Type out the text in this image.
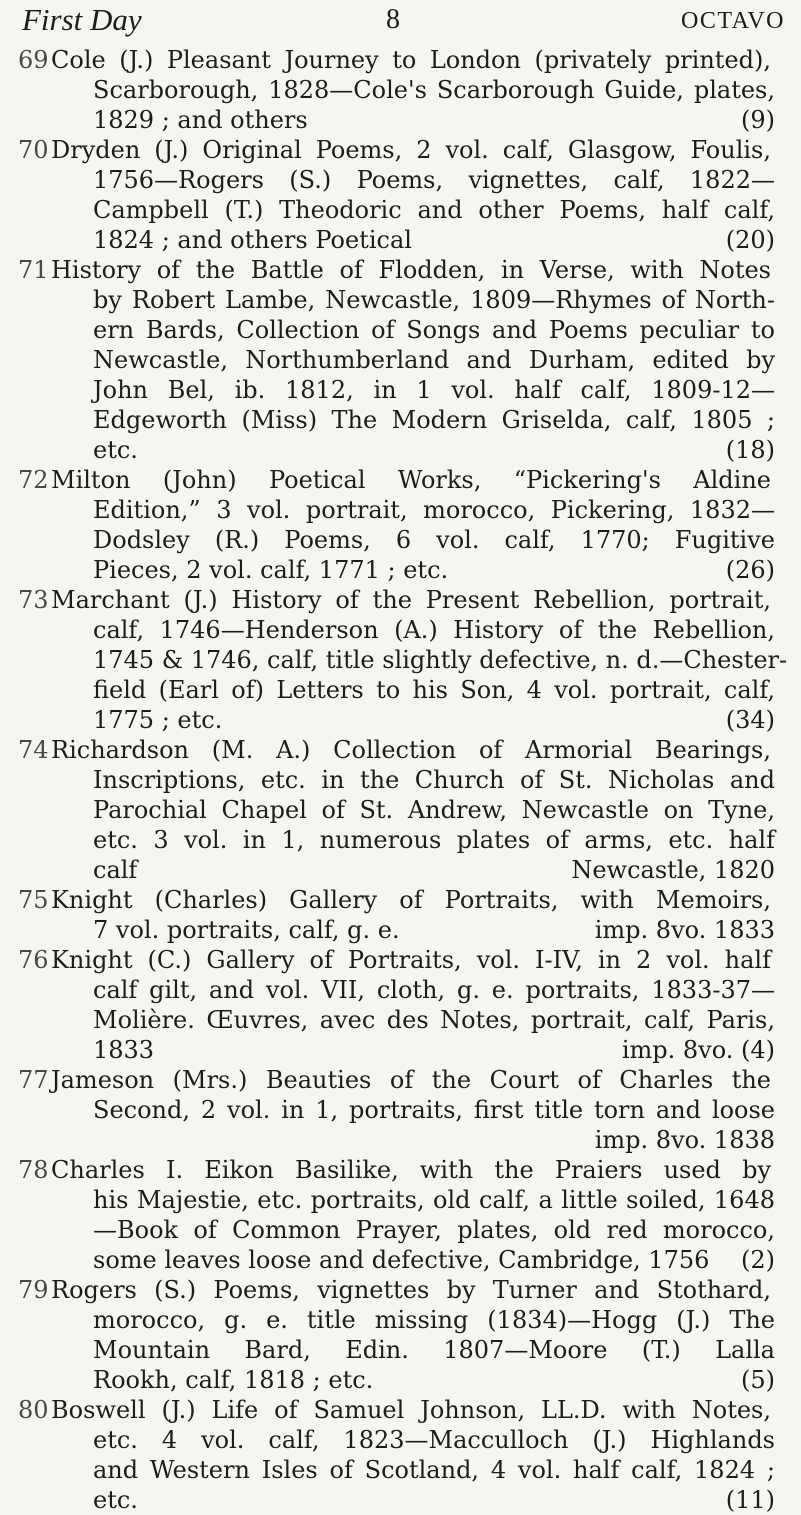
First Day	8	OCTAVO
69 Cole (J.) Pleasant Journey to London (privately printed),
Scarborough, 1828—Cole's Scarborough Guide, plates,
1829 ; and others	(9)
70 Dryden (J.) Original Poems, 2 vol. calf, Glasgow, Foulis,
1756—Rogers (S.) Poems, vignettes, calf, 1822—
Campbell (T.) Theodoric and other Poems, half calf,
1824 ; and others Poetical	(20)
71 History of the Battle of Flodden, in Verse, with Notes
by Robert Lambe, Newcastle, 1809—Rhymes of North-
ern Bards, Collection of Songs and Poems peculiar to
Newcastle, Northumberland and Durham, edited by
John Bel, ib. 1812, in 1 vol. half calf, 1809-12—
Edgeworth (Miss) The Modern Griselda, calf, 1805 ;
etc.	(18)
72 Milton (John) Poetical Works, “Pickering's Aldine
Edition,” 3 vol. portrait, morocco, Pickering, 1832—
Dodsley (R.) Poems, 6 vol. calf, 1770; Fugitive
Pieces, 2 vol. calf, 1771 ; etc.	(26)
73 Marchant (J.) History of the Present Rebellion, portrait,
calf, 1746—Henderson (A.) History of the Rebellion,
1745 & 1746, calf, title slightly defective, n. d.—Chester-
field (Earl of) Letters to his Son, 4 vol. portrait, calf,
1775 ; etc.	(34)
74 Richardson (M. A.) Collection of Armorial Bearings,
Inscriptions, etc. in the Church of St. Nicholas and
Parochial Chapel of St. Andrew, Newcastle on Tyne,
etc. 3 vol. in 1, numerous plates of arms, etc. half
calf	Newcastle, 1820
75 Knight (Charles) Gallery of Portraits, with Memoirs,
7 vol. portraits, calf, g. e.	imp. 8vo. 1833
76 Knight (C.) Gallery of Portraits, vol. I-IV, in 2 vol. half
calf gilt, and vol. VII, cloth, g. e. portraits, 1833-37—
Molière. Œuvres, avec des Notes, portrait, calf, Paris,
1833	imp. 8vo. (4)
77 Jameson (Mrs.) Beauties of the Court of Charles the
Second, 2 vol. in 1, portraits, first title torn and loose
imp. 8vo. 1838
78 Charles I. Eikon Basilike, with the Praiers used by
his Majestie, etc. portraits, old calf, a little soiled, 1648
—Book of Common Prayer, plates, old red morocco,
some leaves loose and defective, Cambridge, 1756 (2)
79 Rogers (S.) Poems, vignettes by Turner and Stothard,
morocco, g. e. title missing (1834)—Hogg (J.) The
Mountain Bard, Edin. 1807—Moore (T.) Lalla
Rookh, calf, 1818 ; etc.	(5)
80 Boswell (J.) Life of Samuel Johnson, LL.D. with Notes,
etc. 4 vol. calf, 1823—Macculloch (J.) Highlands
and Western Isles of Scotland, 4 vol. half calf, 1824 ;
etc.	(11)
